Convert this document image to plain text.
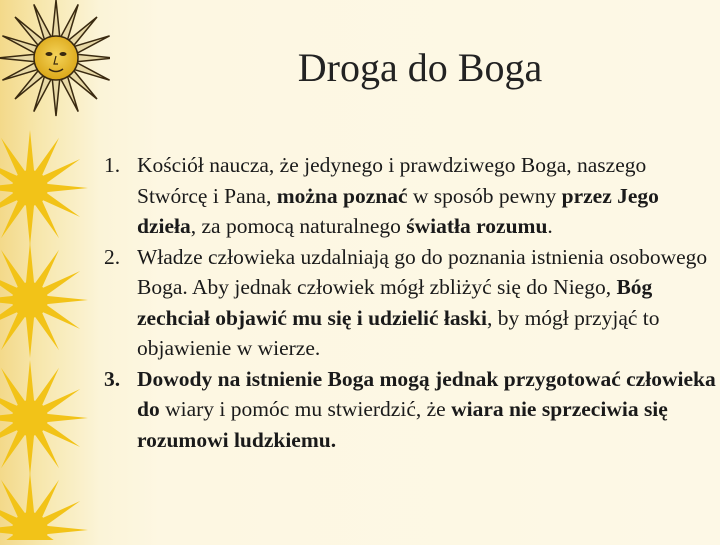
Droga do Boga
1. Kościół naucza, że jedynego i prawdziwego Boga, naszego Stwórcę i Pana, można poznać w sposób pewny przez Jego dzieła, za pomocą naturalnego światła rozumu.
2. Władze człowieka uzdalniają go do poznania istnienia osobowego Boga. Aby jednak człowiek mógł zbliżyć się do Niego, Bóg zechciał objawić mu się i udzielić łaski, by mógł przyjąć to objawienie w wierze.
3. Dowody na istnienie Boga mogą jednak przygotować człowieka do wiary i pomóc mu stwierdzić, że wiara nie sprzeciwia się rozumowi ludzkiemu.
